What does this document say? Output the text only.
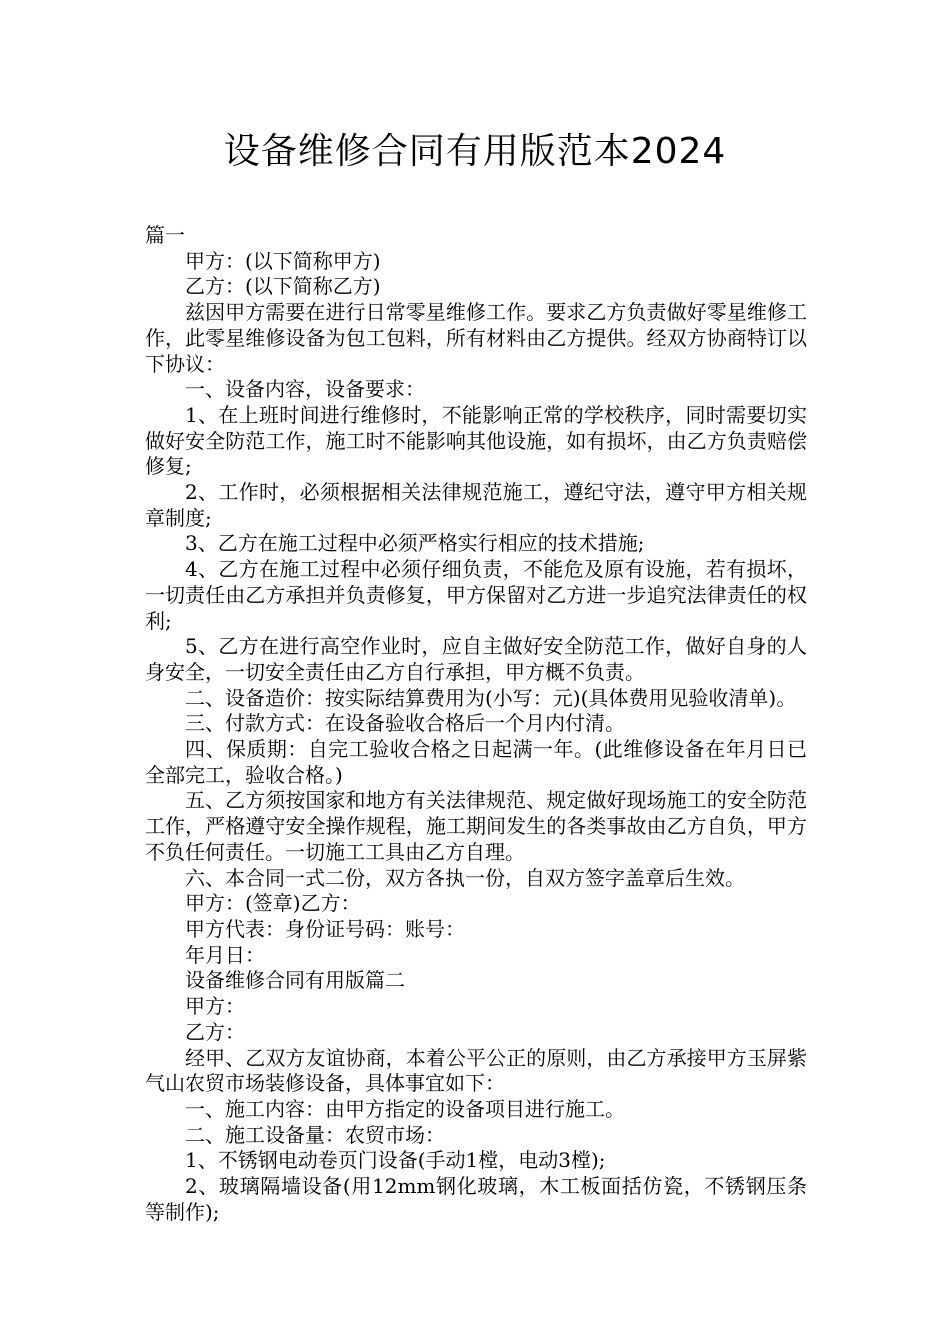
设备维修合同有用版范本2024

篇一

甲方：(以下简称甲方)

乙方：(以下简称乙方)

兹因甲方需要在进行日常零星维修工作。要求乙方负责做好零星维修工作，此零星维修设备为包工包料，所有材料由乙方提供。经双方协商特订以下协议：

一、设备内容，设备要求：

1、在上班时间进行维修时，不能影响正常的学校秩序，同时需要切实做好安全防范工作，施工时不能影响其他设施，如有损坏，由乙方负责赔偿修复;

2、工作时，必须根据相关法律规范施工，遵纪守法，遵守甲方相关规章制度;

3、乙方在施工过程中必须严格实行相应的技术措施;

4、乙方在施工过程中必须仔细负责，不能危及原有设施，若有损坏，一切责任由乙方承担并负责修复，甲方保留对乙方进一步追究法律责任的权利;

5、乙方在进行高空作业时，应自主做好安全防范工作，做好自身的人身安全，一切安全责任由乙方自行承担，甲方概不负责。

二、设备造价：按实际结算费用为(小写：元)(具体费用见验收清单)。

三、付款方式：在设备验收合格后一个月内付清。

四、保质期：自完工验收合格之日起满一年。(此维修设备在年月日已全部完工，验收合格。)

五、乙方须按国家和地方有关法律规范、规定做好现场施工的安全防范工作，严格遵守安全操作规程，施工期间发生的各类事故由乙方自负，甲方不负任何责任。一切施工工具由乙方自理。

六、本合同一式二份，双方各执一份，自双方签字盖章后生效。

甲方：(签章)乙方：

甲方代表：身份证号码：账号：

年月日：

设备维修合同有用版篇二

甲方：

乙方：

经甲、乙双方友谊协商，本着公平公正的原则，由乙方承接甲方玉屏紫气山农贸市场装修设备，具体事宜如下：

一、施工内容：由甲方指定的设备项目进行施工。

二、施工设备量：农贸市场：

1、不锈钢电动卷页门设备(手动1樘，电动3樘);

2、玻璃隔墙设备(用12mm钢化玻璃，木工板面括仿瓷，不锈钢压条等制作);
